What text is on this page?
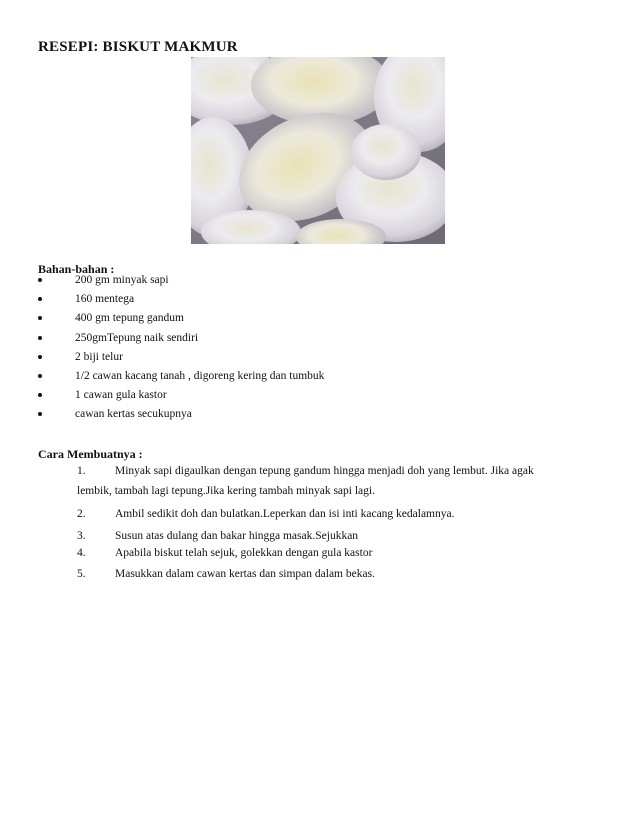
RESEPI: BISKUT MAKMUR
Bahan-bahan :
200 gm minyak sapi
160 mentega
400 gm tepung gandum
250gmTepung naik sendiri
2 biji telur
1/2 cawan kacang tanah , digoreng kering dan tumbuk
1 cawan gula kastor
cawan kertas secukupnya
Cara Membuatnya :
1.	Minyak sapi digaulkan dengan tepung gandum hingga menjadi doh yang lembut. Jika agak
lembik, tambah lagi tepung.Jika kering tambah minyak sapi lagi.
2.	Ambil sedikit doh dan bulatkan.Leperkan dan isi inti kacang kedalamnya.
3.	Susun atas dulang dan bakar hingga masak.Sejukkan
4.	Apabila biskut telah sejuk, golekkan dengan gula kastor
5.	Masukkan dalam cawan kertas dan simpan dalam bekas.
